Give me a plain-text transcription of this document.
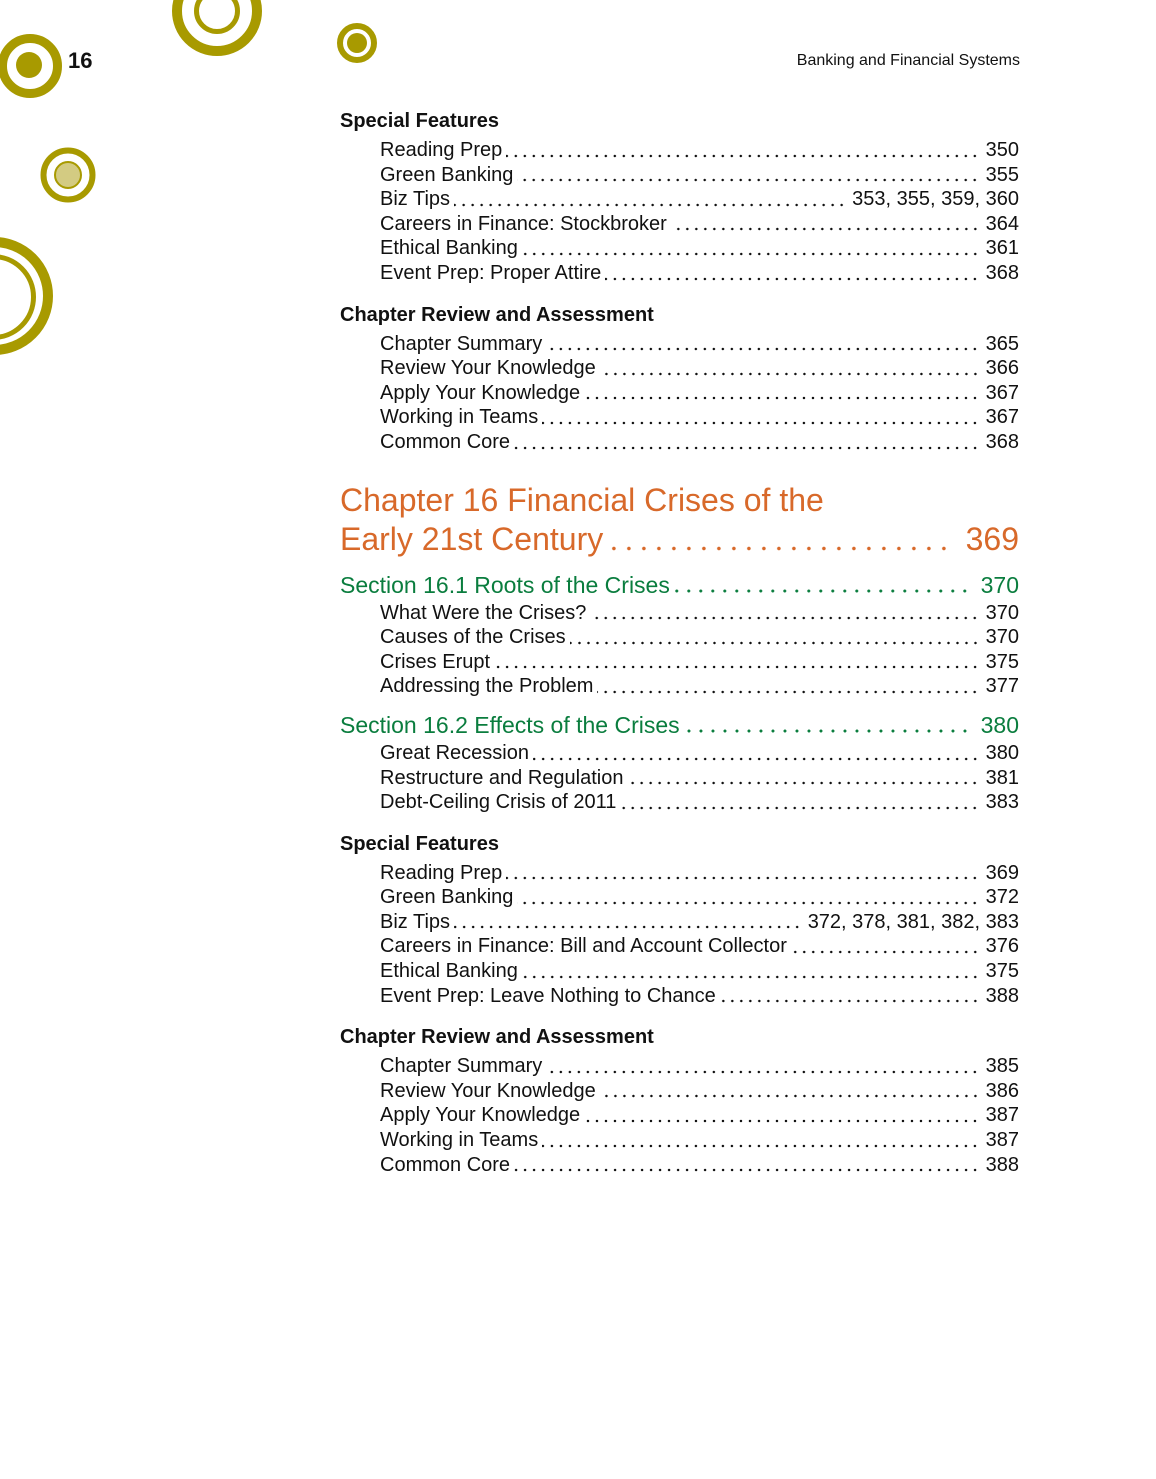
16	Banking and Financial Systems
Special Features
Reading Prep	350
Green Banking	355
Biz Tips	353, 355, 359, 360
Careers in Finance: Stockbroker	364
Ethical Banking	361
Event Prep: Proper Attire	368
Chapter Review and Assessment
Chapter Summary	365
Review Your Knowledge	366
Apply Your Knowledge	367
Working in Teams	367
Common Core	368
Chapter 16 Financial Crises of the
Early 21st Century	369
Section 16.1 Roots of the Crises	370
What Were the Crises?	370
Causes of the Crises	370
Crises Erupt	375
Addressing the Problem	377
Section 16.2 Effects of the Crises	380
Great Recession	380
Restructure and Regulation	381
Debt-Ceiling Crisis of 2011	383
Special Features
Reading Prep	369
Green Banking	372
Biz Tips	372, 378, 381, 382, 383
Careers in Finance: Bill and Account Collector	376
Ethical Banking	375
Event Prep: Leave Nothing to Chance	388
Chapter Review and Assessment
Chapter Summary	385
Review Your Knowledge	386
Apply Your Knowledge	387
Working in Teams	387
Common Core	388
